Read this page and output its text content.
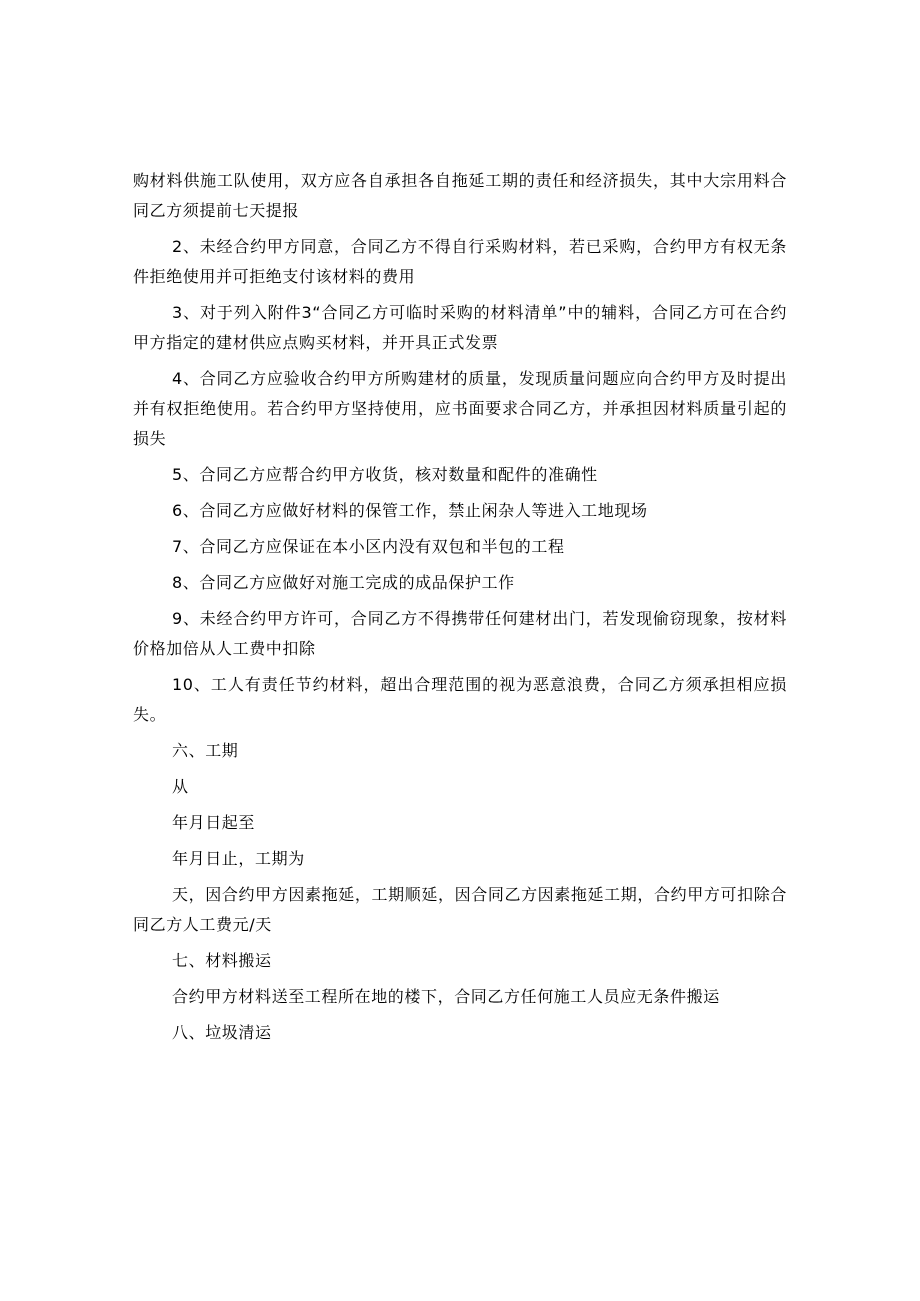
购材料供施工队使用，双方应各自承担各自拖延工期的责任和经济损失，其中大宗用料合同乙方须提前七天提报

2、未经合约甲方同意，合同乙方不得自行采购材料，若已采购，合约甲方有权无条件拒绝使用并可拒绝支付该材料的费用

3、对于列入附件3“合同乙方可临时采购的材料清单”中的辅料，合同乙方可在合约甲方指定的建材供应点购买材料，并开具正式发票

4、合同乙方应验收合约甲方所购建材的质量，发现质量问题应向合约甲方及时提出并有权拒绝使用。若合约甲方坚持使用，应书面要求合同乙方，并承担因材料质量引起的损失

5、合同乙方应帮合约甲方收货，核对数量和配件的准确性

6、合同乙方应做好材料的保管工作，禁止闲杂人等进入工地现场

7、合同乙方应保证在本小区内没有双包和半包的工程

8、合同乙方应做好对施工完成的成品保护工作

9、未经合约甲方许可，合同乙方不得携带任何建材出门，若发现偷窃现象，按材料价格加倍从人工费中扣除

10、工人有责任节约材料，超出合理范围的视为恶意浪费，合同乙方须承担相应损失。

六、工期

从

年月日起至

年月日止，工期为

天，因合约甲方因素拖延，工期顺延，因合同乙方因素拖延工期，合约甲方可扣除合同乙方人工费元/天

七、材料搬运

合约甲方材料送至工程所在地的楼下，合同乙方任何施工人员应无条件搬运

八、垃圾清运
